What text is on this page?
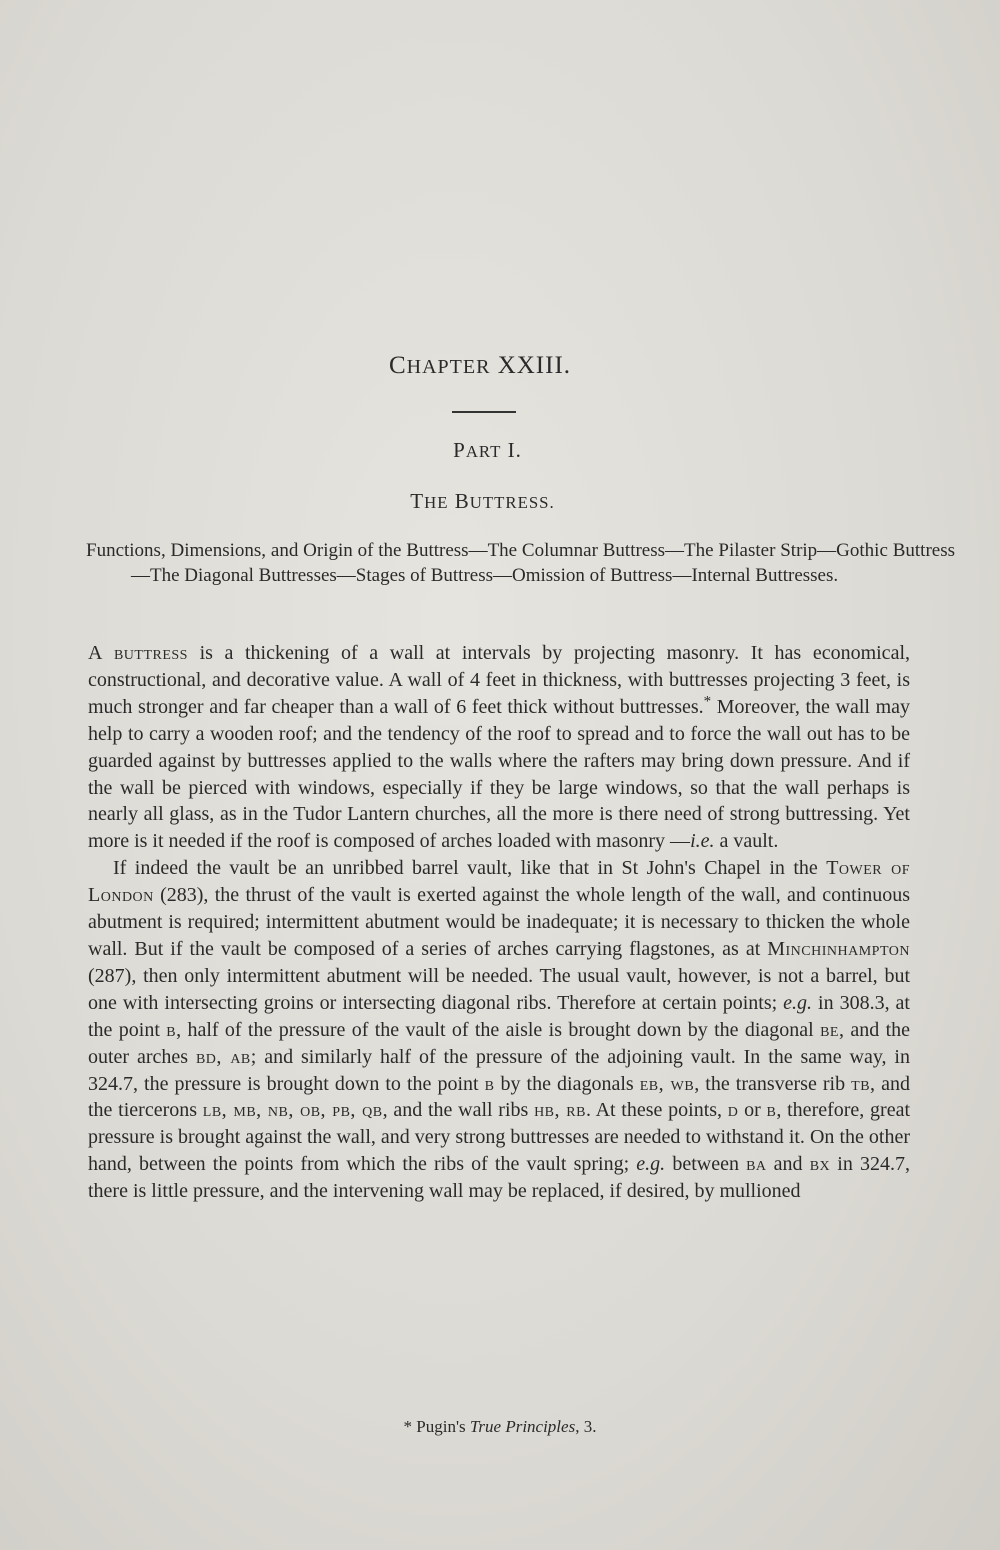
CHAPTER XXIII.
PART I.
THE BUTTRESS.

Functions, Dimensions, and Origin of the Buttress—The Columnar Buttress—The Pilaster Strip—Gothic Buttress—The Diagonal Buttresses—Stages of Buttress—Omission of Buttress—Internal Buttresses.

A buttress is a thickening of a wall at intervals by projecting masonry. It has economical, constructional, and decorative value. A wall of 4 feet in thickness, with buttresses projecting 3 feet, is much stronger and far cheaper than a wall of 6 feet thick without buttresses.* Moreover, the wall may help to carry a wooden roof; and the tendency of the roof to spread and to force the wall out has to be guarded against by buttresses applied to the walls where the rafters may bring down pressure. And if the wall be pierced with windows, especially if they be large windows, so that the wall perhaps is nearly all glass, as in the Tudor Lantern churches, all the more is there need of strong buttressing. Yet more is it needed if the roof is composed of arches loaded with masonry —i.e. a vault.

If indeed the vault be an unribbed barrel vault, like that in St John's Chapel in the Tower of London (283), the thrust of the vault is exerted against the whole length of the wall, and continuous abutment is required; intermittent abutment would be inadequate; it is necessary to thicken the whole wall. But if the vault be composed of a series of arches carrying flagstones, as at Minchinhampton (287), then only intermittent abutment will be needed. The usual vault, however, is not a barrel, but one with intersecting groins or intersecting diagonal ribs. Therefore at certain points; e.g. in 308.3, at the point b, half of the pressure of the vault of the aisle is brought down by the diagonal be, and the outer arches bd, ab; and similarly half of the pressure of the adjoining vault. In the same way, in 324.7, the pressure is brought down to the point b by the diagonals eb, wb, the transverse rib tb, and the tiercerons lb, mb, nb, ob, pb, qb, and the wall ribs hb, rb. At these points, d or b, therefore, great pressure is brought against the wall, and very strong buttresses are needed to withstand it. On the other hand, between the points from which the ribs of the vault spring; e.g. between ba and bx in 324.7, there is little pressure, and the intervening wall may be replaced, if desired, by mullioned

* Pugin's True Principles, 3.
